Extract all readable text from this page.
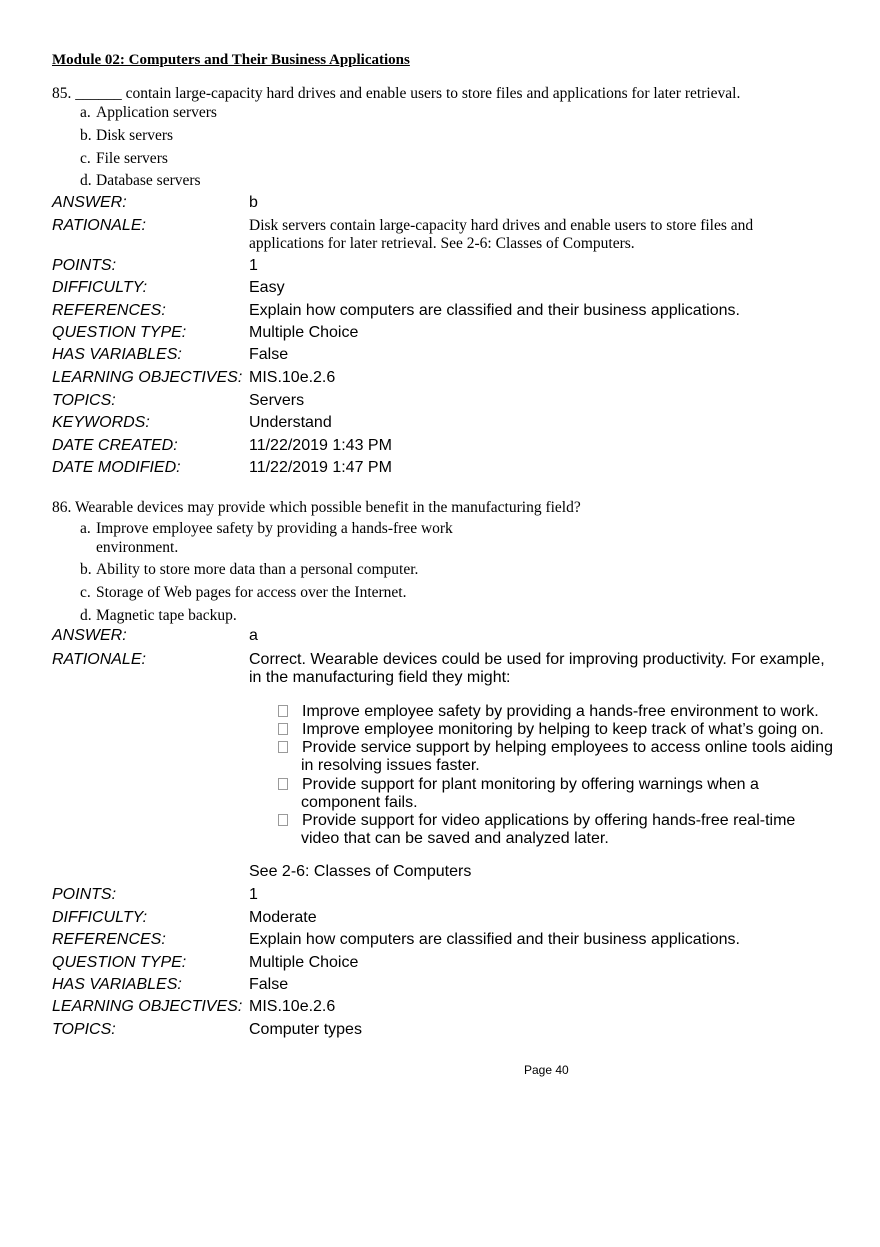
Module 02: Computers and Their Business Applications
85. ______ contain large-capacity hard drives and enable users to store files and applications for later retrieval.
a. Application servers
b. Disk servers
c. File servers
d. Database servers
ANSWER:	b
RATIONALE:	Disk servers contain large-capacity hard drives and enable users to store files and applications for later retrieval. See 2-6: Classes of Computers.
POINTS:	1
DIFFICULTY:	Easy
REFERENCES:	Explain how computers are classified and their business applications.
QUESTION TYPE:	Multiple Choice
HAS VARIABLES:	False
LEARNING OBJECTIVES: MIS.10e.2.6
TOPICS:	Servers
KEYWORDS:	Understand
DATE CREATED:	11/22/2019 1:43 PM
DATE MODIFIED:	11/22/2019 1:47 PM
86. Wearable devices may provide which possible benefit in the manufacturing field?
a. Improve employee safety by providing a hands-free work
environment.
b. Ability to store more data than a personal computer.
c. Storage of Web pages for access over the Internet.
d. Magnetic tape backup.
ANSWER:	a
RATIONALE:	Correct. Wearable devices could be used for improving productivity. For example, in the manufacturing field they might:
Improve employee safety by providing a hands-free environment to work.
Improve employee monitoring by helping to keep track of what’s going on.
Provide service support by helping employees to access online tools aiding
in resolving issues faster.
Provide support for plant monitoring by offering warnings when a
component fails.
Provide support for video applications by offering hands-free real-time
video that can be saved and analyzed later.
See 2-6: Classes of Computers
POINTS:	1
DIFFICULTY:	Moderate
REFERENCES:	Explain how computers are classified and their business applications.
QUESTION TYPE:	Multiple Choice
HAS VARIABLES:	False
LEARNING OBJECTIVES: MIS.10e.2.6
TOPICS:	Computer types
Page 40
